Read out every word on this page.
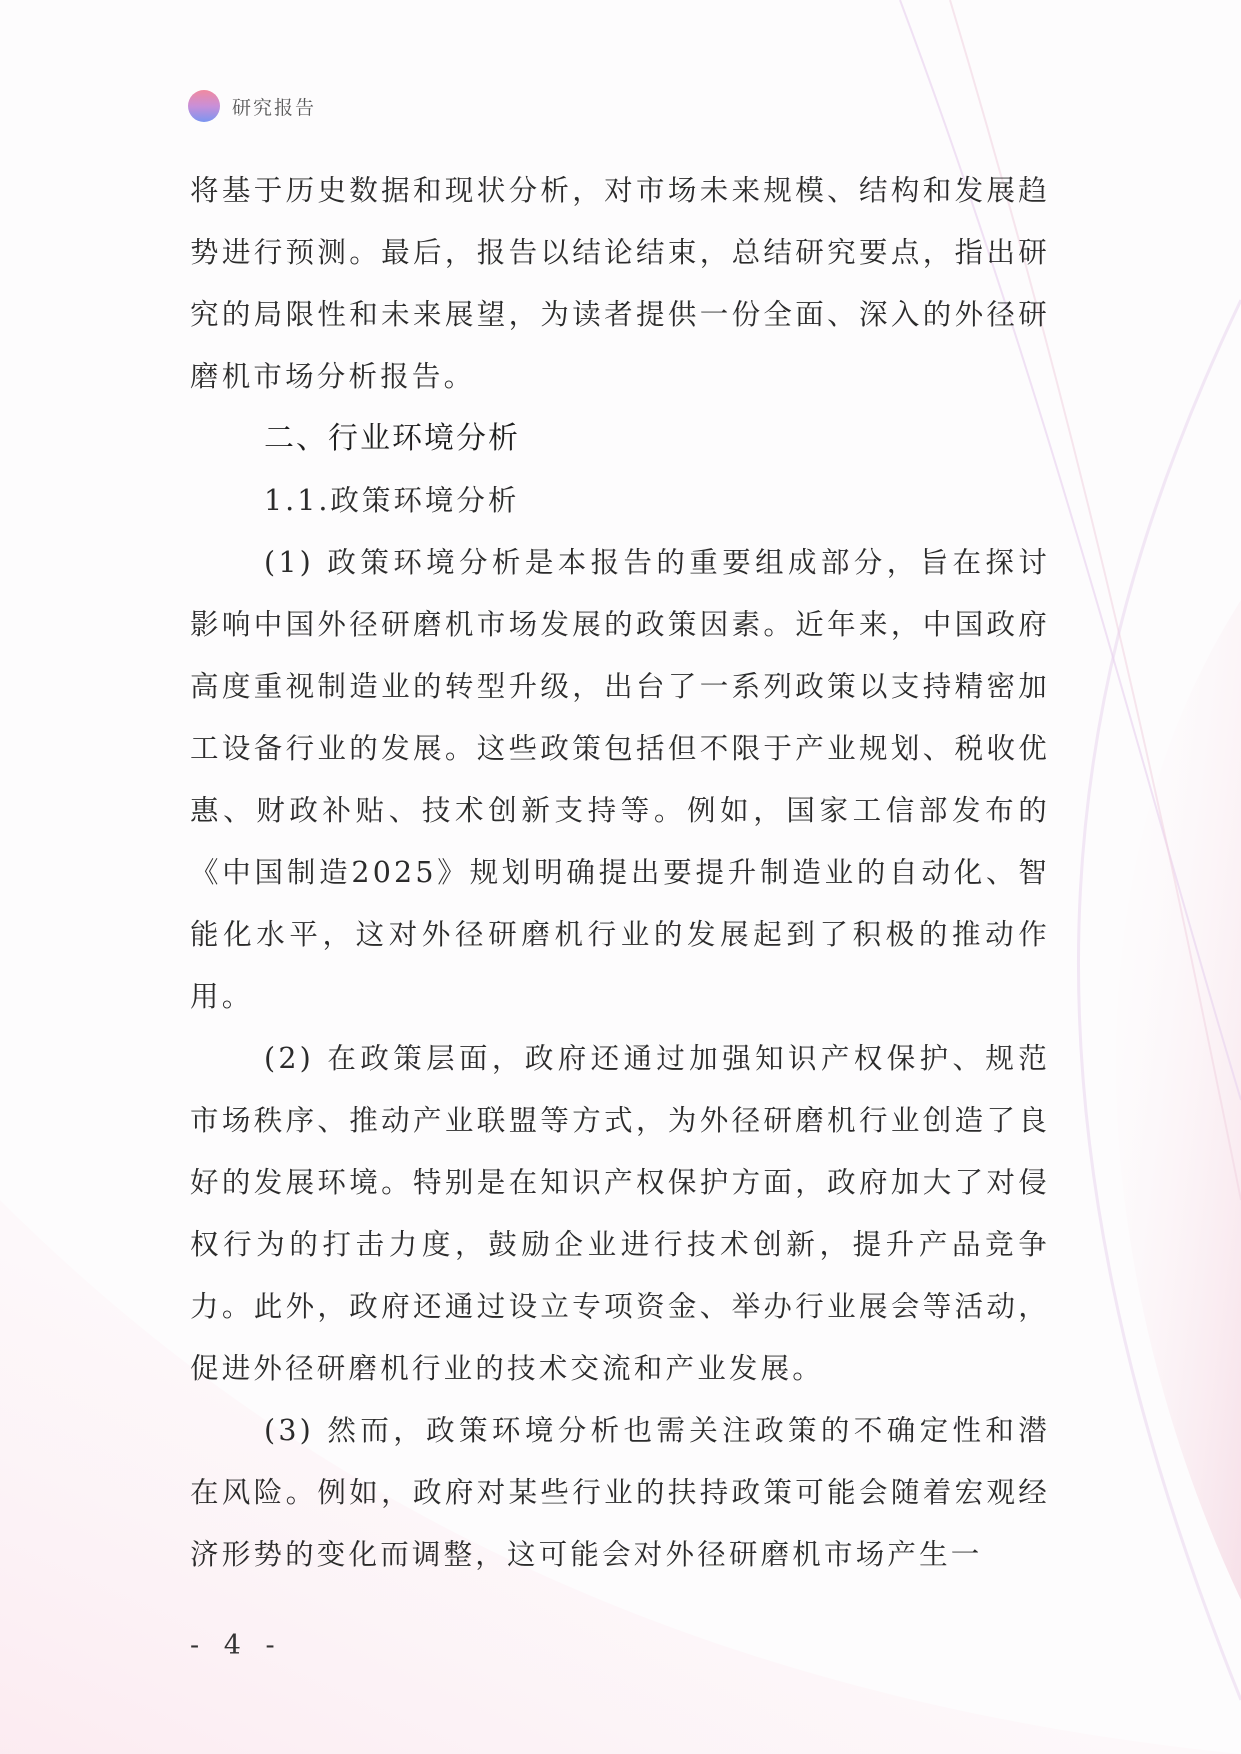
研究报告

将基于历史数据和现状分析，对市场未来规模、结构和发展趋势进行预测。最后，报告以结论结束，总结研究要点，指出研究的局限性和未来展望，为读者提供一份全面、深入的外径研磨机市场分析报告。

二、行业环境分析

1.1.政策环境分析

(1) 政策环境分析是本报告的重要组成部分，旨在探讨影响中国外径研磨机市场发展的政策因素。近年来，中国政府高度重视制造业的转型升级，出台了一系列政策以支持精密加工设备行业的发展。这些政策包括但不限于产业规划、税收优惠、财政补贴、技术创新支持等。例如，国家工信部发布的《中国制造2025》规划明确提出要提升制造业的自动化、智能化水平，这对外径研磨机行业的发展起到了积极的推动作用。

(2) 在政策层面，政府还通过加强知识产权保护、规范市场秩序、推动产业联盟等方式，为外径研磨机行业创造了良好的发展环境。特别是在知识产权保护方面，政府加大了对侵权行为的打击力度，鼓励企业进行技术创新，提升产品竞争力。此外，政府还通过设立专项资金、举办行业展会等活动，促进外径研磨机行业的技术交流和产业发展。

(3) 然而，政策环境分析也需关注政策的不确定性和潜在风险。例如，政府对某些行业的扶持政策可能会随着宏观经济形势的变化而调整，这可能会对外径研磨机市场产生一

- 4 -
